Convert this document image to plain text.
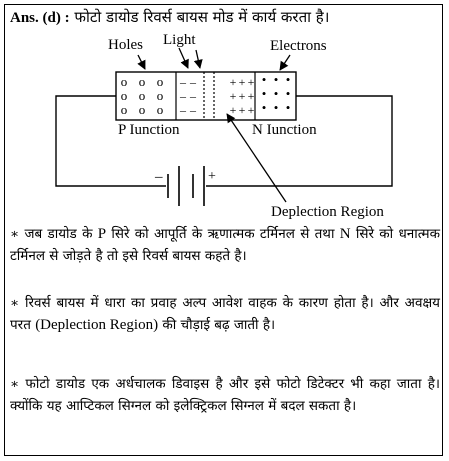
Ans. (d) : फोटो डायोड रिवर्स बायस मोड में कार्य करता है।
–	+
o o o
o o o
o o o
– –
– –
– –
+ + +
+ + +
+ + +
• • •
• • •
• • •
Holes Light	Electrons
P Iunction	N Iunction
Deplection Region
∗ जब डायोड के P सिरे को आपूर्ति के ऋणात्मक टर्मिनल से तथा N सिरे को धनात्मक टर्मिनल से जोड़ते है तो इसे रिवर्स बायस कहते है।
∗ रिवर्स बायस में धारा का प्रवाह अल्प आवेश वाहक के कारण होता है। और अवक्षय परत (Deplection Region) की चौड़ाई बढ़ जाती है।
∗ फोटो डायोड एक अर्धचालक डिवाइस है और इसे फोटो डिटेक्टर भी कहा जाता है। क्योंकि यह आप्टिकल सिग्नल को इलेक्ट्रिकल सिग्नल में बदल सकता है।
